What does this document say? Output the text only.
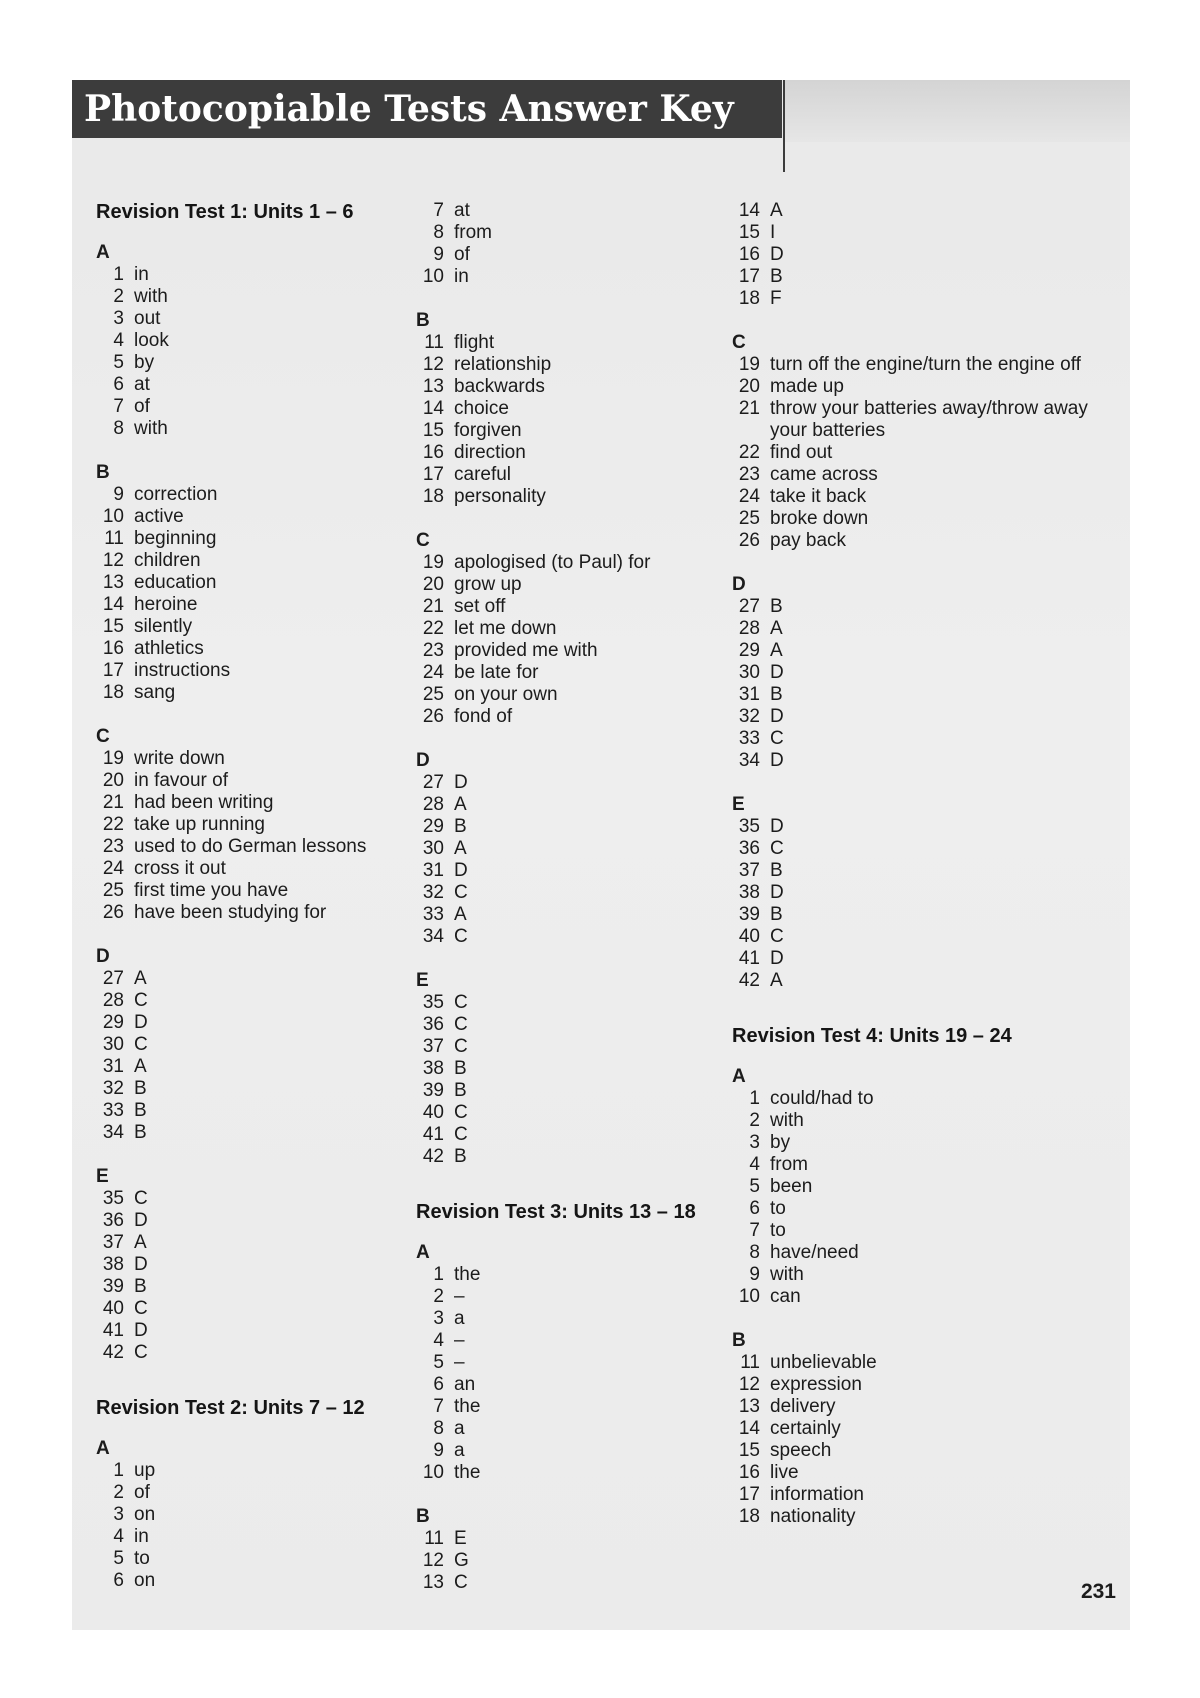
Photocopiable Tests Answer Key
Revision Test 1: Units 1 – 6
A
1 in
2 with
3 out
4 look
5 by
6 at
7 of
8 with
B
9 correction
10 active
11 beginning
12 children
13 education
14 heroine
15 silently
16 athletics
17 instructions
18 sang
C
19 write down
20 in favour of
21 had been writing
22 take up running
23 used to do German lessons
24 cross it out
25 first time you have
26 have been studying for
D
27 A
28 C
29 D
30 C
31 A
32 B
33 B
34 B
E
35 C
36 D
37 A
38 D
39 B
40 C
41 D
42 C
Revision Test 2: Units 7 – 12
A
1 up
2 of
3 on
4 in
5 to
6 on
7 at
8 from
9 of
10 in
B
11 flight
12 relationship
13 backwards
14 choice
15 forgiven
16 direction
17 careful
18 personality
C
19 apologised (to Paul) for
20 grow up
21 set off
22 let me down
23 provided me with
24 be late for
25 on your own
26 fond of
D
27 D
28 A
29 B
30 A
31 D
32 C
33 A
34 C
E
35 C
36 C
37 C
38 B
39 B
40 C
41 C
42 B
Revision Test 3: Units 13 – 18
A
1 the
2 –
3 a
4 –
5 –
6 an
7 the
8 a
9 a
10 the
B
11 E
12 G
13 C
14 A
15 I
16 D
17 B
18 F
C
19 turn off the engine/turn the engine off
20 made up
21 throw your batteries away/throw away your batteries
22 find out
23 came across
24 take it back
25 broke down
26 pay back
D
27 B
28 A
29 A
30 D
31 B
32 D
33 C
34 D
E
35 D
36 C
37 B
38 D
39 B
40 C
41 D
42 A
Revision Test 4: Units 19 – 24
A
1 could/had to
2 with
3 by
4 from
5 been
6 to
7 to
8 have/need
9 with
10 can
B
11 unbelievable
12 expression
13 delivery
14 certainly
15 speech
16 live
17 information
18 nationality
231
